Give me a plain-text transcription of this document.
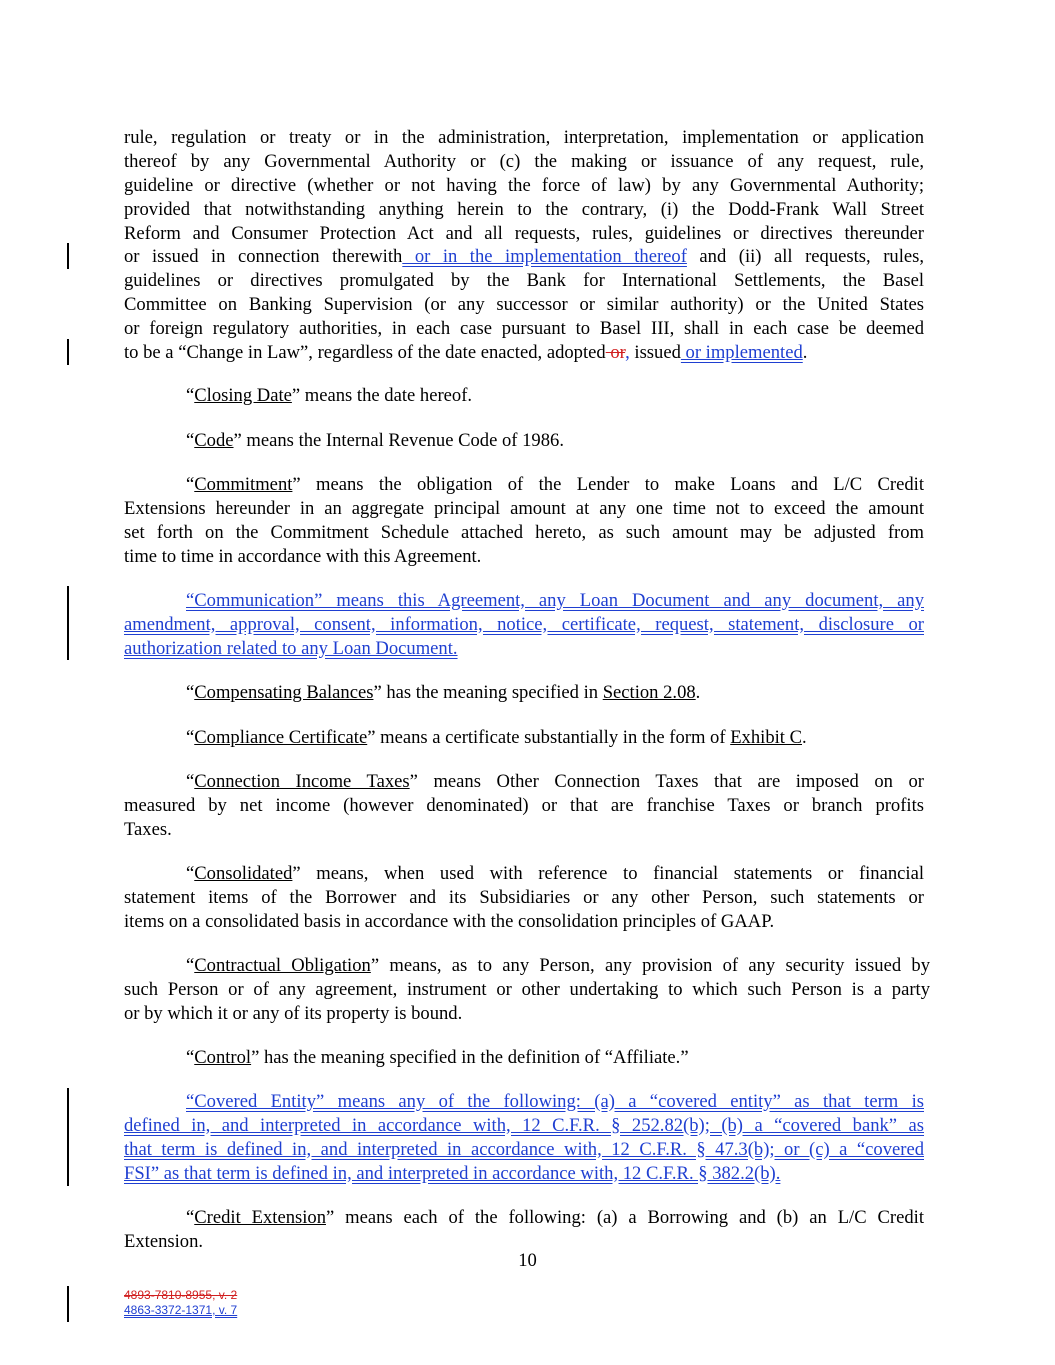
rule, regulation or treaty or in the administration, interpretation, implementation or application
thereof by any Governmental Authority or (c) the making or issuance of any request, rule,
guideline or directive (whether or not having the force of law) by any Governmental Authority;
provided that notwithstanding anything herein to the contrary, (i) the Dodd-Frank Wall Street
Reform and Consumer Protection Act and all requests, rules, guidelines or directives thereunder
or issued in connection therewith or in the implementation thereof and (ii) all requests, rules,
guidelines or directives promulgated by the Bank for International Settlements, the Basel
Committee on Banking Supervision (or any successor or similar authority) or the United States
or foreign regulatory authorities, in each case pursuant to Basel III, shall in each case be deemed
to be a “Change in Law”, regardless of the date enacted, adopted or, issued or implemented.
“Closing Date” means the date hereof.
“Code” means the Internal Revenue Code of 1986.
“Commitment” means the obligation of the Lender to make Loans and L/C Credit
Extensions hereunder in an aggregate principal amount at any one time not to exceed the amount
set forth on the Commitment Schedule attached hereto, as such amount may be adjusted from
time to time in accordance with this Agreement.
“Communication” means this Agreement, any Loan Document and any document, any
amendment, approval, consent, information, notice, certificate, request, statement, disclosure or
authorization related to any Loan Document.
“Compensating Balances” has the meaning specified in Section 2.08.
“Compliance Certificate” means a certificate substantially in the form of Exhibit C.
“Connection Income Taxes” means Other Connection Taxes that are imposed on or
measured by net income (however denominated) or that are franchise Taxes or branch profits
Taxes.
“Consolidated” means, when used with reference to financial statements or financial
statement items of the Borrower and its Subsidiaries or any other Person, such statements or
items on a consolidated basis in accordance with the consolidation principles of GAAP.
“Contractual Obligation” means, as to any Person, any provision of any security issued by
such Person or of any agreement, instrument or other undertaking to which such Person is a party
or by which it or any of its property is bound.
“Control” has the meaning specified in the definition of “Affiliate.”
“Covered Entity” means any of the following: (a) a “covered entity” as that term is
defined in, and interpreted in accordance with, 12 C.F.R. § 252.82(b); (b) a “covered bank” as
that term is defined in, and interpreted in accordance with, 12 C.F.R. § 47.3(b); or (c) a “covered
FSI” as that term is defined in, and interpreted in accordance with, 12 C.F.R. § 382.2(b).
“Credit Extension” means each of the following: (a) a Borrowing and (b) an L/C Credit
Extension.
10
4893-7810-8955, v. 2
4863-3372-1371, v. 7
